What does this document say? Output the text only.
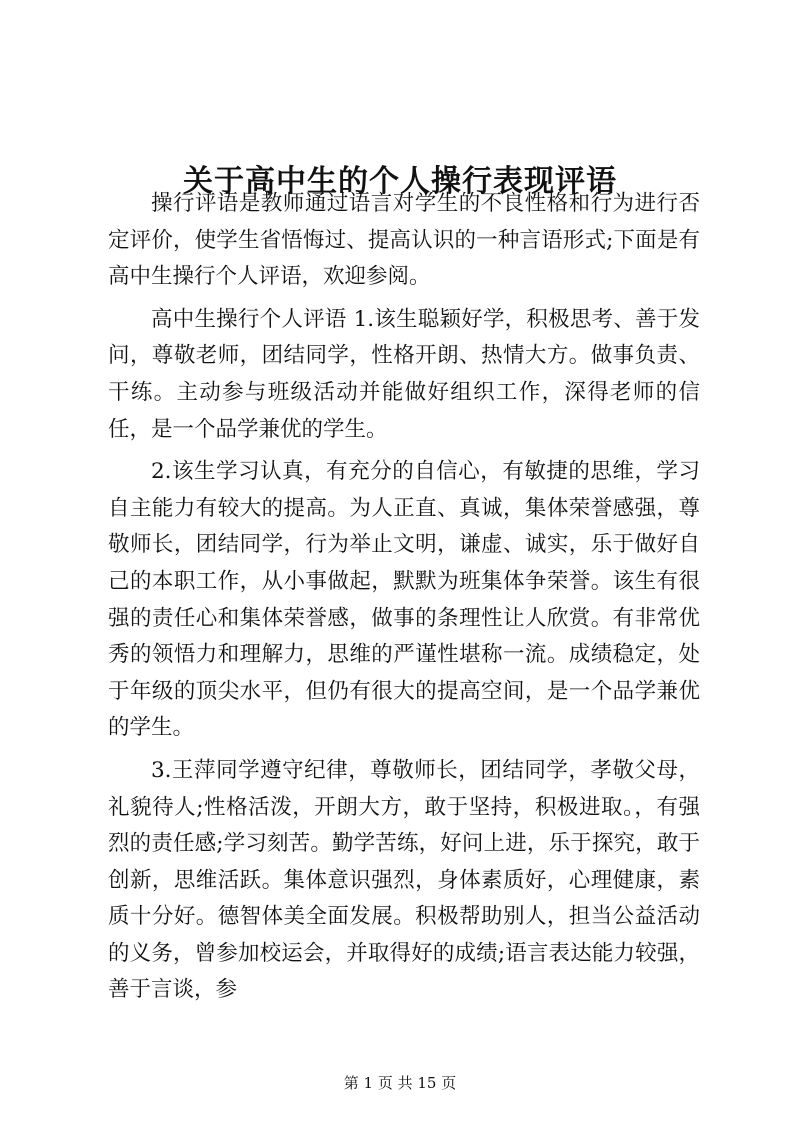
关于高中生的个人操行表现评语

操行评语是教师通过语言对学生的不良性格和行为进行否定评价，使学生省悟悔过、提高认识的一种言语形式;下面是有高中生操行个人评语，欢迎参阅。

高中生操行个人评语 1.该生聪颖好学，积极思考、善于发问，尊敬老师，团结同学，性格开朗、热情大方。做事负责、干练。主动参与班级活动并能做好组织工作，深得老师的信任，是一个品学兼优的学生。

2.该生学习认真，有充分的自信心，有敏捷的思维，学习自主能力有较大的提高。为人正直、真诚，集体荣誉感强，尊敬师长，团结同学，行为举止文明，谦虚、诚实，乐于做好自己的本职工作，从小事做起，默默为班集体争荣誉。该生有很强的责任心和集体荣誉感，做事的条理性让人欣赏。有非常优秀的领悟力和理解力，思维的严谨性堪称一流。成绩稳定，处于年级的顶尖水平，但仍有很大的提高空间，是一个品学兼优的学生。

3.王萍同学遵守纪律，尊敬师长，团结同学，孝敬父母，礼貌待人;性格活泼，开朗大方，敢于坚持，积极进取。，有强烈的责任感;学习刻苦。勤学苦练，好问上进，乐于探究，敢于创新，思维活跃。集体意识强烈，身体素质好，心理健康，素质十分好。德智体美全面发展。积极帮助别人，担当公益活动的义务，曾参加校运会，并取得好的成绩;语言表达能力较强，善于言谈，参

第 1 页 共 15 页
